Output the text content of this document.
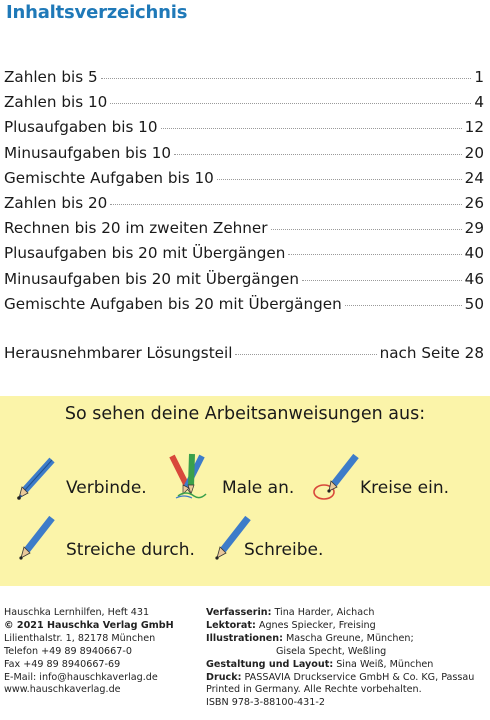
Inhaltsverzeichnis
Zahlen bis 5	1
Zahlen bis 10	4
Plusaufgaben bis 10	12
Minusaufgaben bis 10	20
Gemischte Aufgaben bis 10	24
Zahlen bis 20	26
Rechnen bis 20 im zweiten Zehner	29
Plusaufgaben bis 20 mit Übergängen	40
Minusaufgaben bis 20 mit Übergängen	46
Gemischte Aufgaben bis 20 mit Übergängen	50
Herausnehmbarer Lösungsteil	nach Seite 28
So sehen deine Arbeitsanweisungen aus:
Verbinde.	Male an.	Kreise ein.
Streiche durch.	Schreibe.
Hauschka Lernhilfen, Heft 431
© 2021 Hauschka Verlag GmbH
Lilienthalstr. 1, 82178 München
Telefon +49 89 8940667-0
Fax +49 89 8940667-69
E-Mail: info@hauschkaverlag.de
www.hauschkaverlag.de
Verfasserin: Tina Harder, Aichach
Lektorat: Agnes Spiecker, Freising
Illustrationen: Mascha Greune, München;
Gisela Specht, Weßling
Gestaltung und Layout: Sina Weiß, München
Druck: PASSAVIA Druckservice GmbH & Co. KG, Passau
Printed in Germany. Alle Rechte vorbehalten.
ISBN 978-3-88100-431-2
